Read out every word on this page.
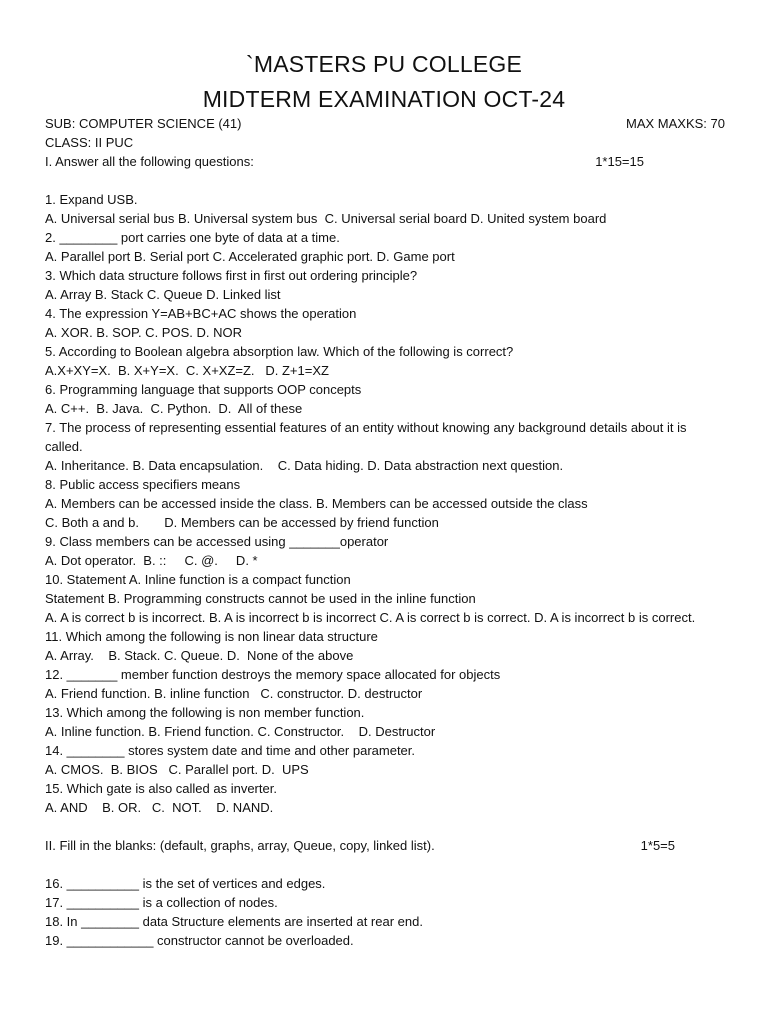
`MASTERS PU COLLEGE
MIDTERM EXAMINATION OCT-24
SUB: COMPUTER SCIENCE (41)	MAX MAXKS: 70
CLASS: II PUC
I. Answer all the following questions:	1*15=15
1. Expand USB.
A. Universal serial bus B. Universal system bus  C. Universal serial board D. United system board
2. ________ port carries one byte of data at a time.
A. Parallel port B. Serial port C. Accelerated graphic port. D. Game port
3. Which data structure follows first in first out ordering principle?
A. Array B. Stack C. Queue D. Linked list
4. The expression Y=AB+BC+AC shows the operation
A. XOR. B. SOP. C. POS. D. NOR
5. According to Boolean algebra absorption law. Which of the following is correct?
A.X+XY=X.  B. X+Y=X.  C. X+XZ=Z.   D. Z+1=XZ
6. Programming language that supports OOP concepts
A. C++.  B. Java.  C. Python.  D.  All of these
7. The process of representing essential features of an entity without knowing any background details about it is called.
A. Inheritance. B. Data encapsulation.    C. Data hiding. D. Data abstraction next question.
8. Public access specifiers means
A. Members can be accessed inside the class. B. Members can be accessed outside the class
C. Both a and b.       D. Members can be accessed by friend function
9. Class members can be accessed using _______operator
A. Dot operator.  B. ::     C. @.     D. *
10. Statement A. Inline function is a compact function
Statement B. Programming constructs cannot be used in the inline function
A. A is correct b is incorrect. B. A is incorrect b is incorrect C. A is correct b is correct. D. A is incorrect b is correct.
11. Which among the following is non linear data structure
A. Array.    B. Stack. C. Queue. D.  None of the above
12. _______ member function destroys the memory space allocated for objects
A. Friend function. B. inline function   C. constructor. D. destructor
13. Which among the following is non member function.
A. Inline function. B. Friend function. C. Constructor.    D. Destructor
14. ________ stores system date and time and other parameter.
A. CMOS.  B. BIOS   C. Parallel port. D.  UPS
15. Which gate is also called as inverter.
A. AND    B. OR.   C.  NOT.    D. NAND.
II. Fill in the blanks: (default, graphs, array, Queue, copy, linked list).	1*5=5
16. __________ is the set of vertices and edges.
17. __________ is a collection of nodes.
18. In ________ data Structure elements are inserted at rear end.
19. ____________ constructor cannot be overloaded.
